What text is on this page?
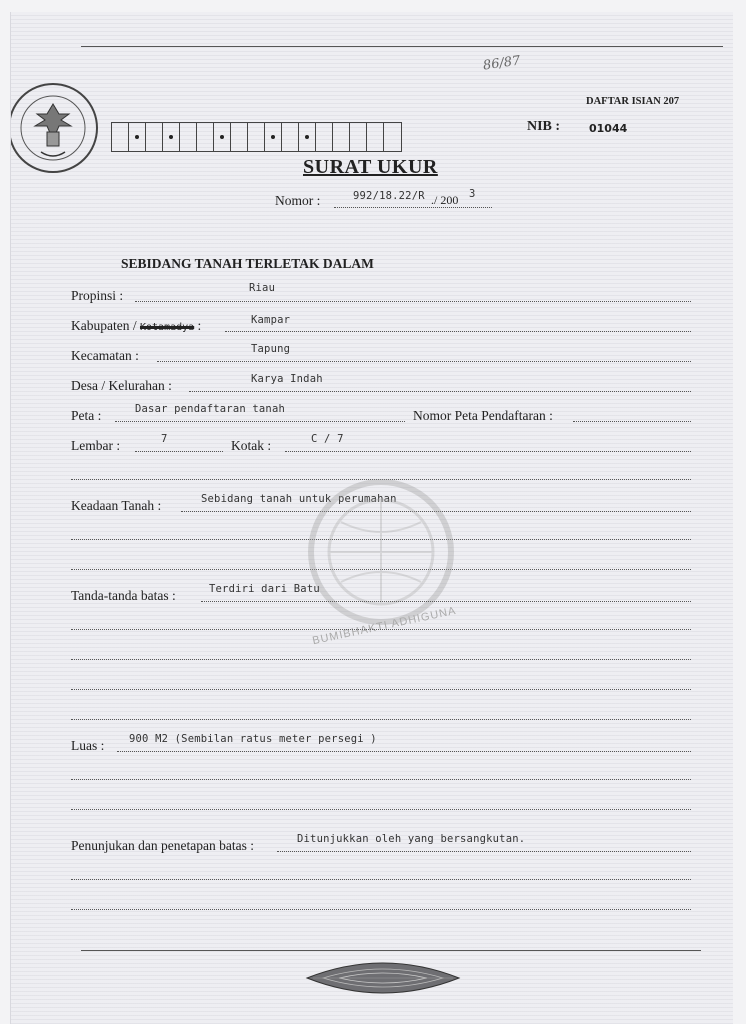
86/87
DAFTAR ISIAN 207
NIB :	01044
SURAT UKUR
Nomor :	992/18.22/R ./ 200 3
SEBIDANG TANAH TERLETAK DALAM
Propinsi :	Riau
Kabupaten / Kotamadya :	Kampar
Kecamatan :	Tapung
Desa / Kelurahan :	Karya Indah
Peta :	Dasar pendaftaran tanah	Nomor Peta Pendaftaran :
Lembar :	7	Kotak :	C / 7
Keadaan Tanah :	Sebidang tanah untuk perumahan
BUMIBHAKTI ADHIGUNA
Tanda-tanda batas :	Terdiri dari Batu
Luas : 900 M2 (Sembilan ratus meter persegi )
Penunjukan dan penetapan batas :	Ditunjukkan oleh yang bersangkutan.
